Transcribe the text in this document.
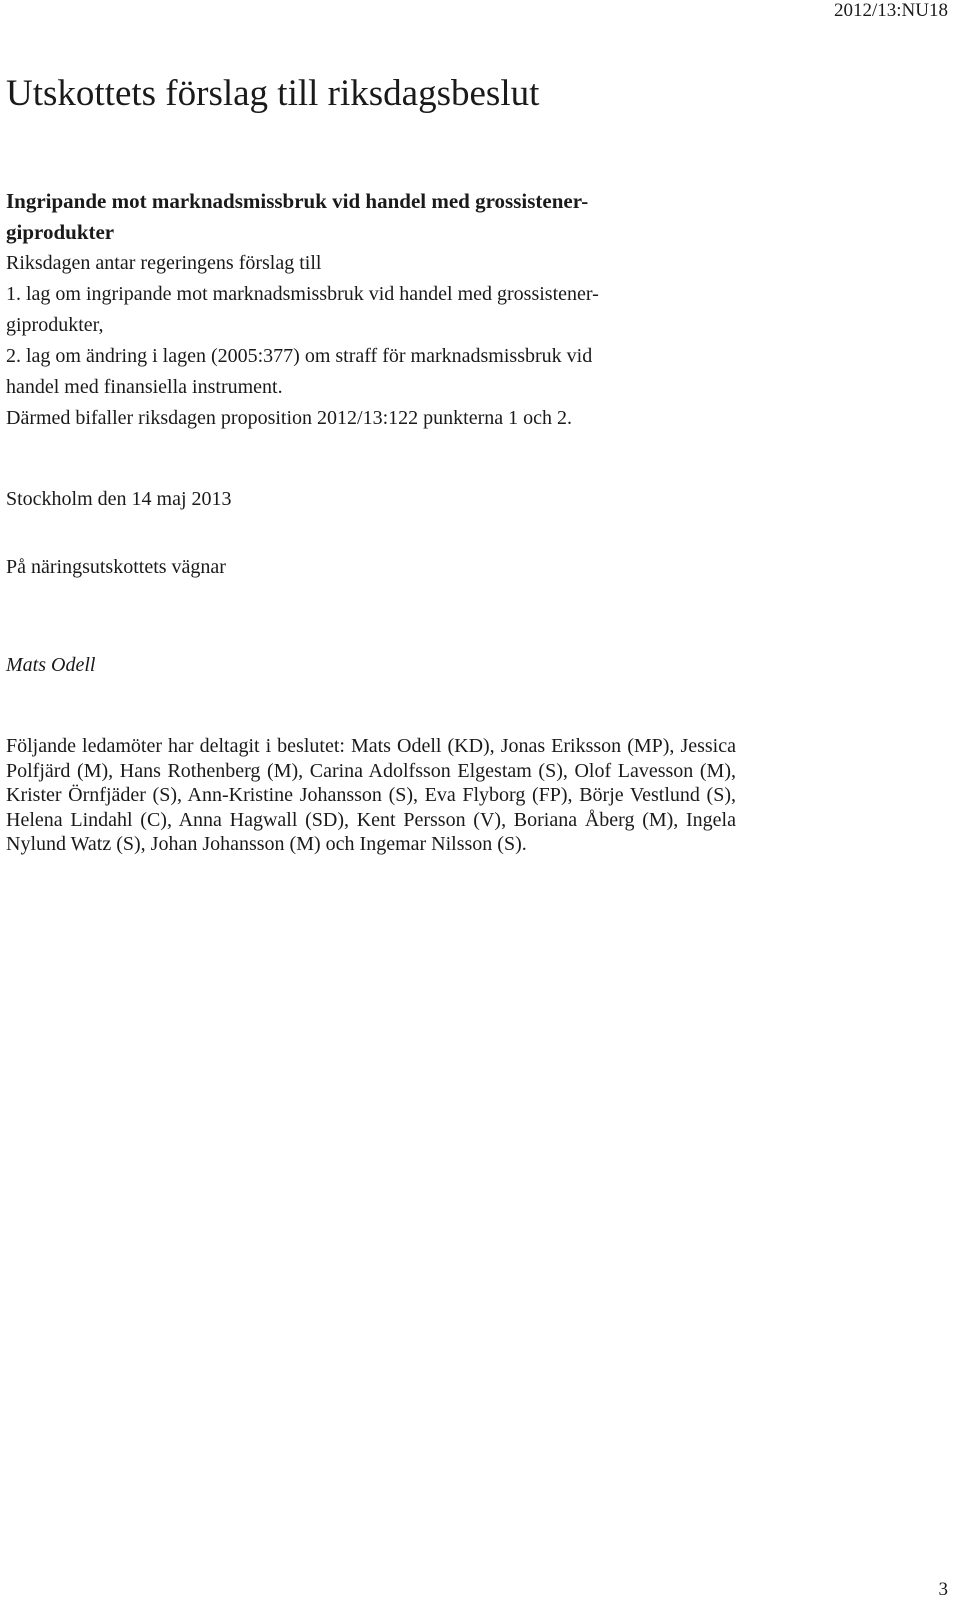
2012/13:NU18
Utskottets förslag till riksdagsbeslut
Ingripande mot marknadsmissbruk vid handel med grossistener-
giprodukter
Riksdagen antar regeringens förslag till
1. lag om ingripande mot marknadsmissbruk vid handel med grossistener-
giprodukter,
2. lag om ändring i lagen (2005:377) om straff för marknadsmissbruk vid
handel med finansiella instrument.
Därmed bifaller riksdagen proposition 2012/13:122 punkterna 1 och 2.
Stockholm den 14 maj 2013
På näringsutskottets vägnar
Mats Odell

Följande ledamöter har deltagit i beslutet: Mats Odell (KD), Jonas Eriksson (MP), Jessica Polfjärd (M), Hans Rothenberg (M), Carina Adolfsson Elgestam (S), Olof Lavesson (M), Krister Örnfjäder (S), Ann-Kristine Johansson (S), Eva Flyborg (FP), Börje Vestlund (S), Helena Lindahl (C), Anna Hagwall (SD), Kent Persson (V), Boriana Åberg (M), Ingela Nylund Watz (S), Johan Johansson (M) och Ingemar Nilsson (S).

3
